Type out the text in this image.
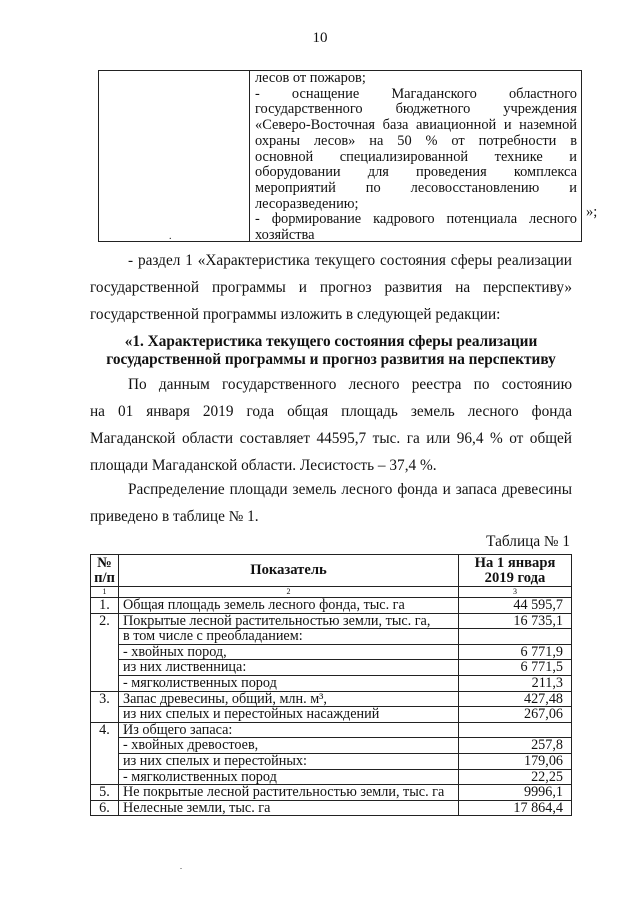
10
.
лесов от пожаров;
- оснащение Магаданского областного
государственного бюджетного учреждения
«Северо-Восточная база авиационной и наземной
охраны лесов» на 50 % от потребности в
основной специализированной технике и
оборудовании для проведения комплекса
мероприятий по лесовосстановлению и
лесоразведению;
- формирование кадрового потенциала лесного
хозяйства
»;
- раздел 1 «Характеристика текущего состояния сферы реализации
государственной программы и прогноз развития на перспективу»
государственной программы изложить в следующей редакции:
«1. Характеристика текущего состояния сферы реализации
государственной программы и прогноз развития на перспективу
По данным государственного лесного реестра по состоянию
на 01 января 2019 года общая площадь земель лесного фонда
Магаданской области составляет 44595,7 тыс. га или 96,4 % от общей
площади Магаданской области. Лесистость – 37,4 %.
Распределение площади земель лесного фонда и запаса древесины
приведено в таблице № 1.
Таблица № 1
№ п/п	Показатель	На 1 января 2019 года
1	2	3
1.	Общая площадь земель лесного фонда, тыс. га	44 595,7
2.	Покрытые лесной растительностью земли, тыс. га,	16 735,1
	в том числе с преобладанием:	
	- хвойных пород,	6 771,9
	из них лиственница:	6 771,5
	- мягколиственных пород	211,3
3.	Запас древесины, общий, млн. м³,	427,48
	из них спелых и перестойных насаждений	267,06
4.	Из общего запаса:	
	- хвойных древостоев,	257,8
	из них спелых и перестойных:	179,06
	- мягколиственных пород	22,25
5.	Не покрытые лесной растительностью земли, тыс. га	9996,1
6.	Нелесные земли, тыс. га	17 864,4
.
